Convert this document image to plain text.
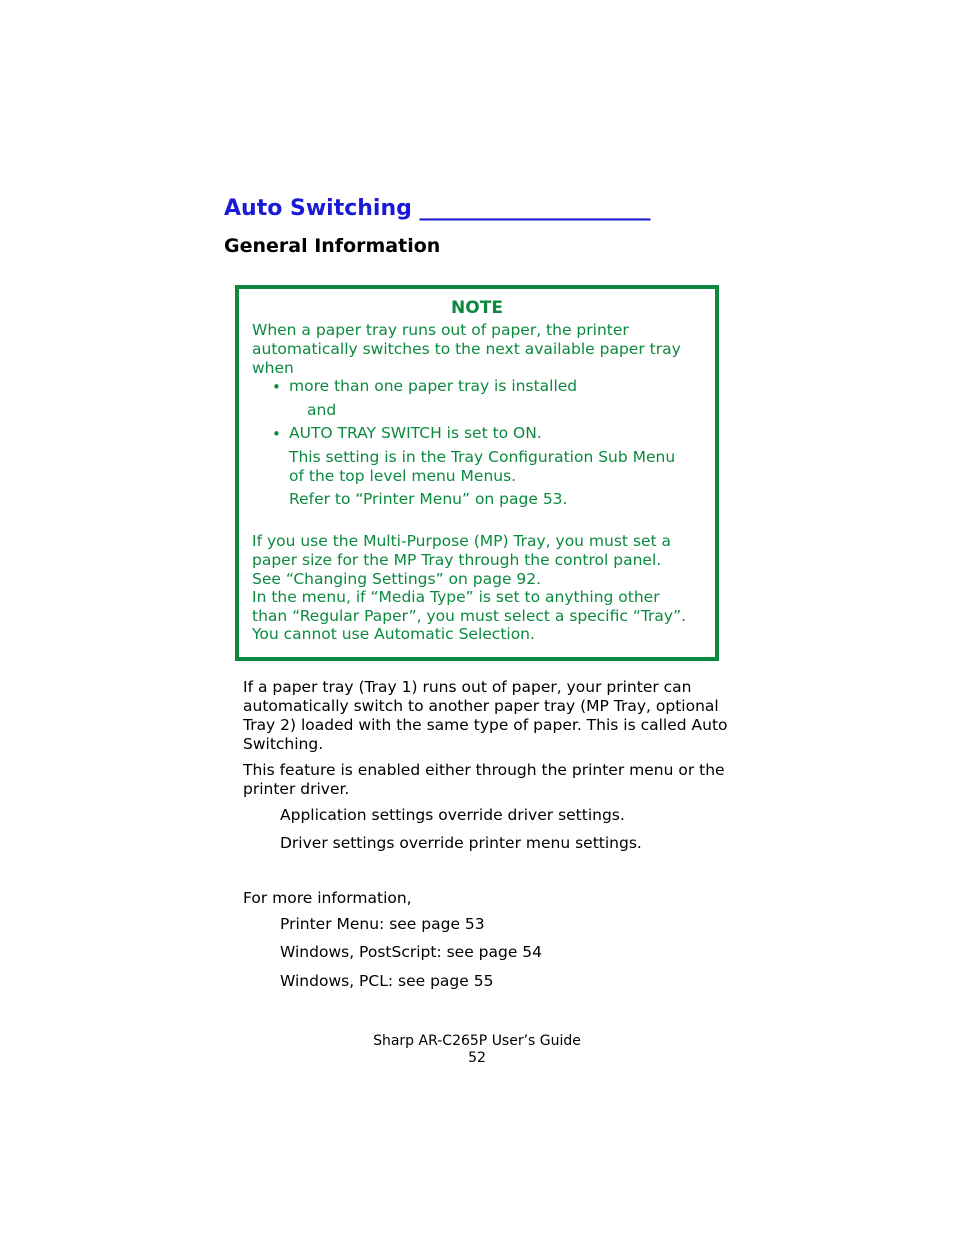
Auto Switching _____________________
General Information
NOTE
When a paper tray runs out of paper, the printer
automatically switches to the next available paper tray
when
• more than one paper tray is installed
and
• AUTO TRAY SWITCH is set to ON.
This setting is in the Tray Configuration Sub Menu
of the top level menu Menus.
Refer to “Printer Menu” on page 53.
If you use the Multi-Purpose (MP) Tray, you must set a
paper size for the MP Tray through the control panel.
See “Changing Settings” on page 92.
In the menu, if “Media Type” is set to anything other
than “Regular Paper”, you must select a specific “Tray”.
You cannot use Automatic Selection.
If a paper tray (Tray 1) runs out of paper, your printer can
automatically switch to another paper tray (MP Tray, optional
Tray 2) loaded with the same type of paper. This is called Auto
Switching.
This feature is enabled either through the printer menu or the
printer driver.
Application settings override driver settings.
Driver settings override printer menu settings.
For more information,
Printer Menu: see page 53
Windows, PostScript: see page 54
Windows, PCL: see page 55
Sharp AR-C265P User’s Guide
52
